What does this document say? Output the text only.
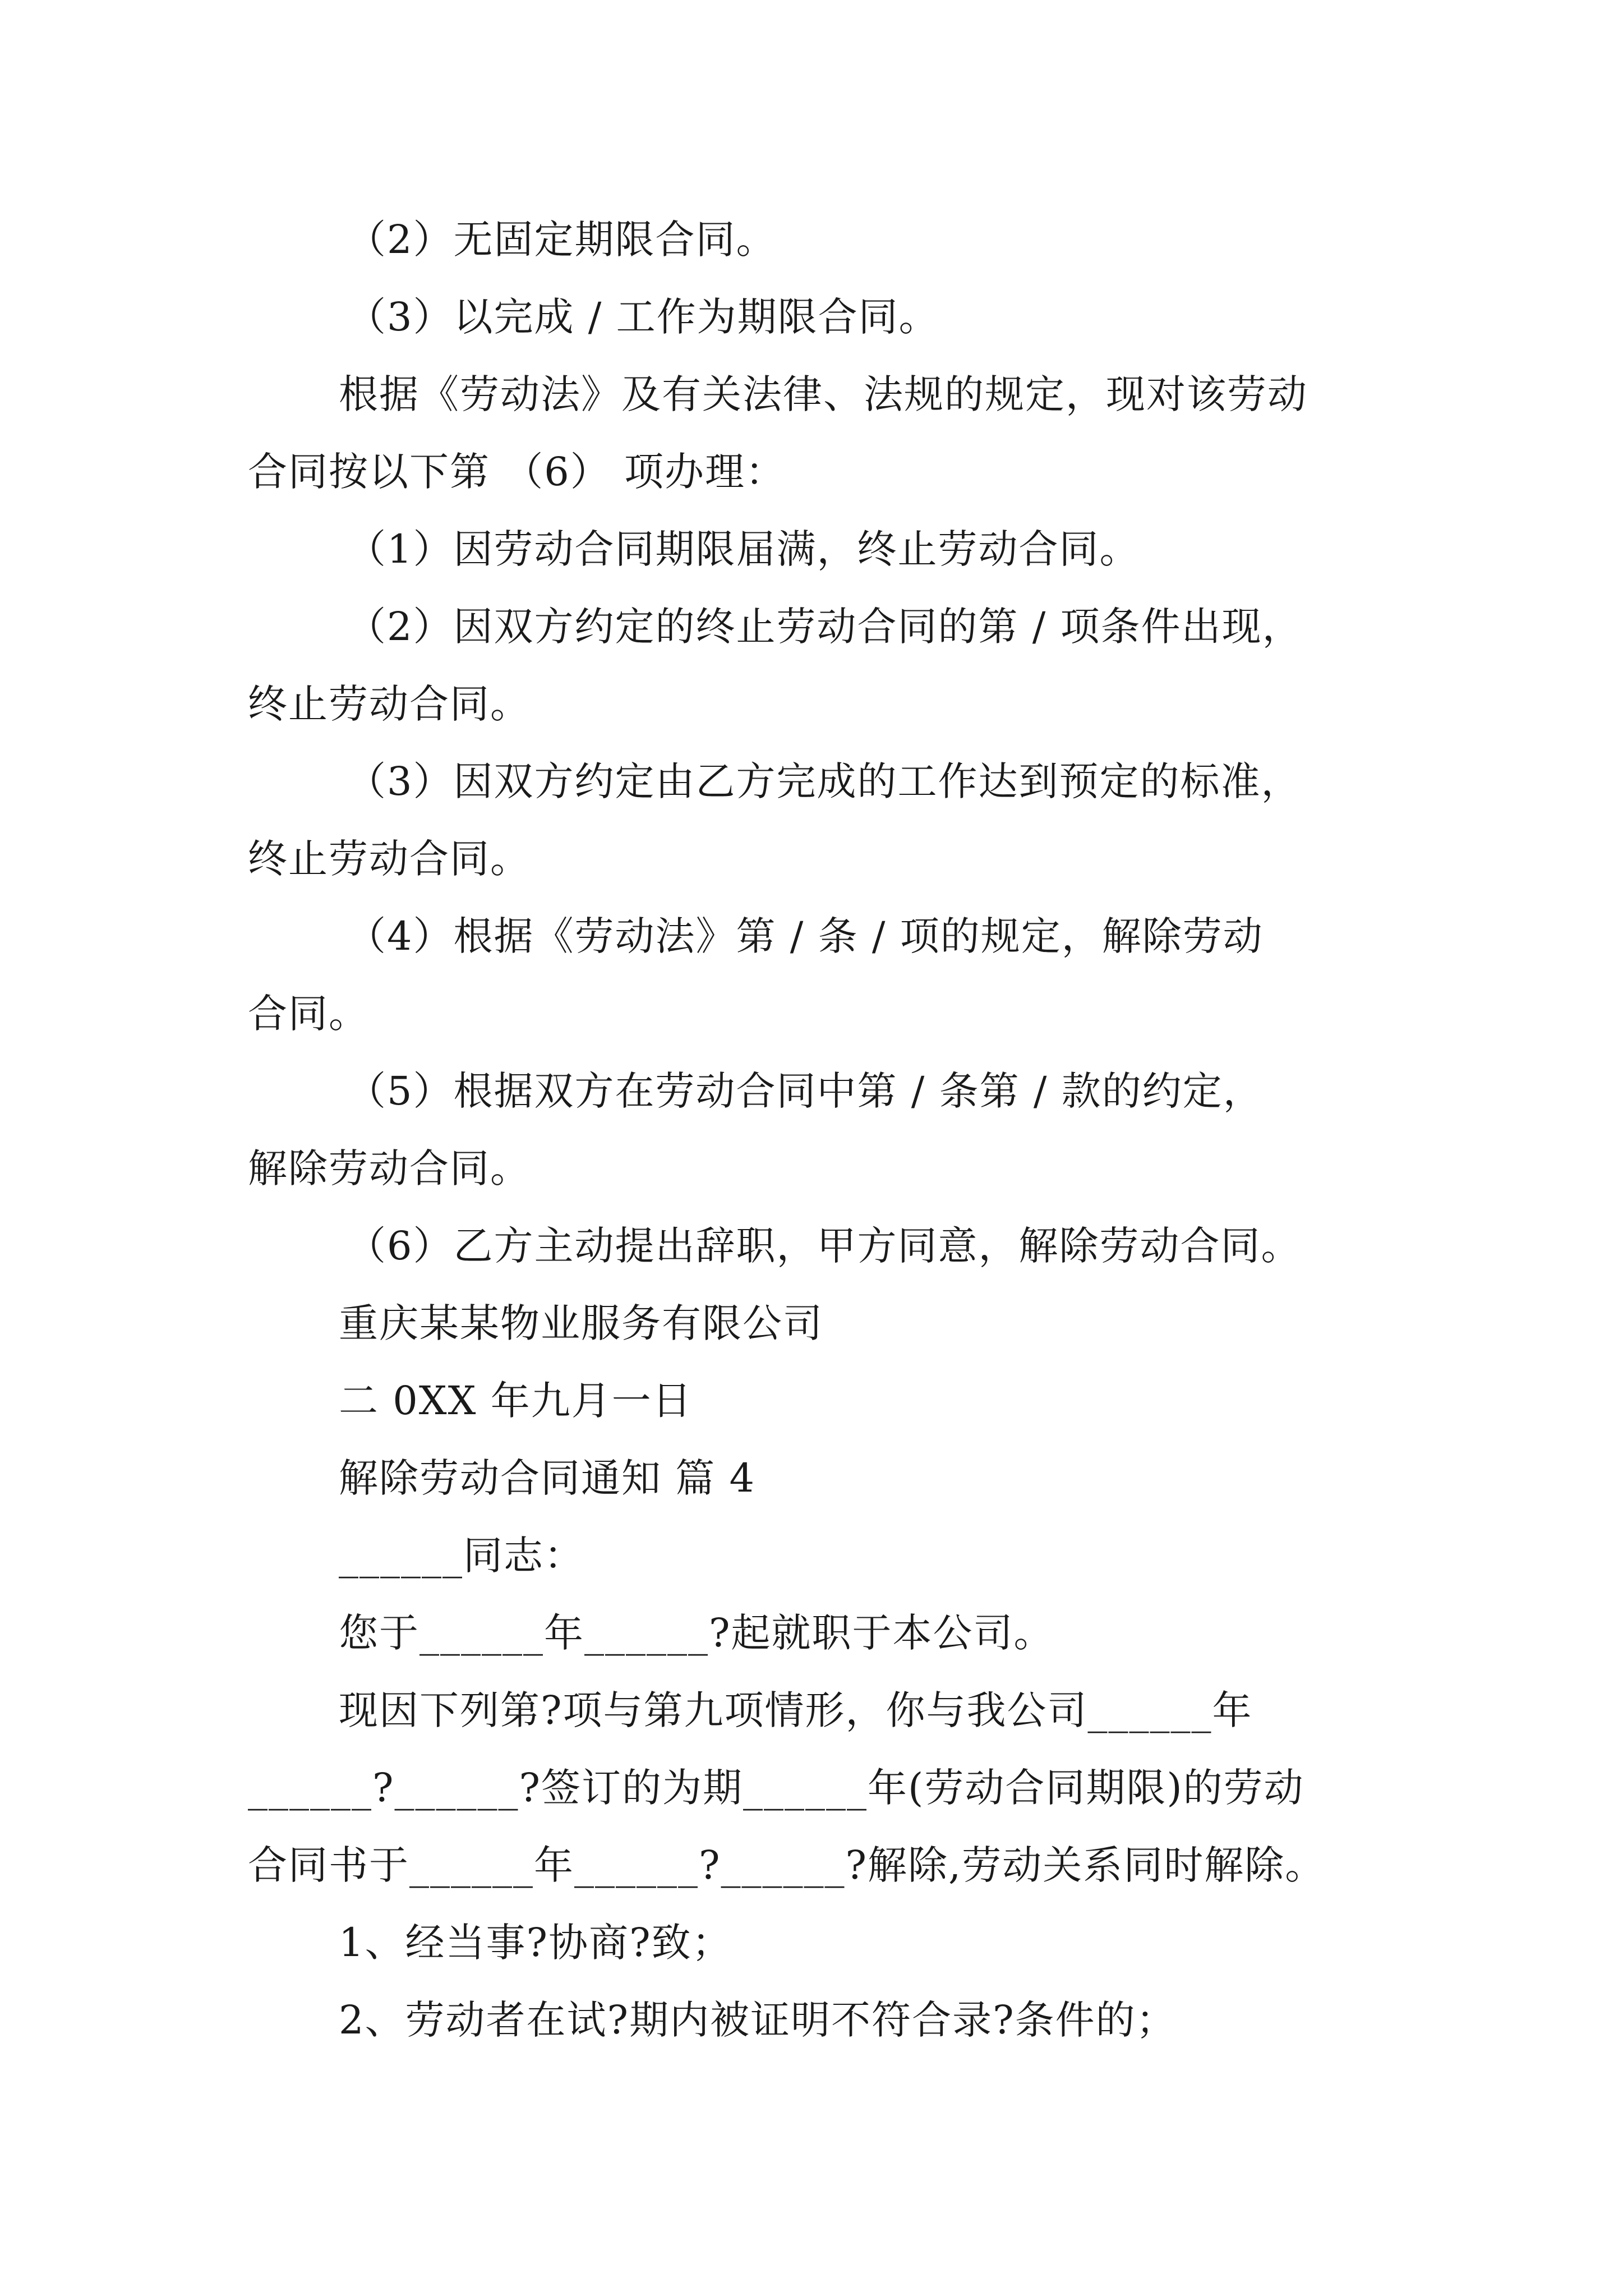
（2）无固定期限合同。
（3）以完成 / 工作为期限合同。
根据《劳动法》及有关法律、法规的规定，现对该劳动
合同按以下第 （6） 项办理：
（1）因劳动合同期限届满，终止劳动合同。
（2）因双方约定的终止劳动合同的第 / 项条件出现，
终止劳动合同。
（3）因双方约定由乙方完成的工作达到预定的标准，
终止劳动合同。
（4）根据《劳动法》第 / 条 / 项的规定，解除劳动
合同。
（5）根据双方在劳动合同中第 / 条第 / 款的约定，
解除劳动合同。
（6）乙方主动提出辞职，甲方同意，解除劳动合同。
重庆某某物业服务有限公司
二 0XX 年九月一日
解除劳动合同通知 篇 4
______同志：
您于______年______?起就职于本公司。
现因下列第?项与第九项情形，你与我公司______年
______?______?签订的为期______年(劳动合同期限)的劳动
合同书于______年______?______?解除,劳动关系同时解除。
1、经当事?协商?致；
2、劳动者在试?期内被证明不符合录?条件的；
